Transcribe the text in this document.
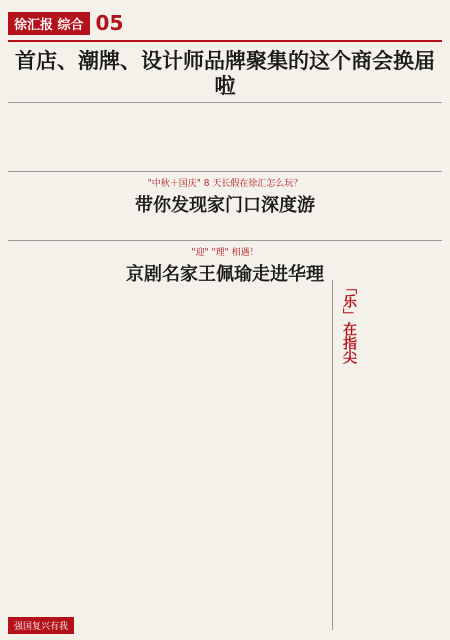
徐汇报 综合 05
首店、潮牌、设计师品牌聚集的这个商会换届啦
"中秋＋国庆" 8 天长假在徐汇怎么玩？
带你发现家门口深度游
"迎" "理" 相遇！
京剧名家王佩瑜走进华理
「乐」在指尖
强国复兴有我
